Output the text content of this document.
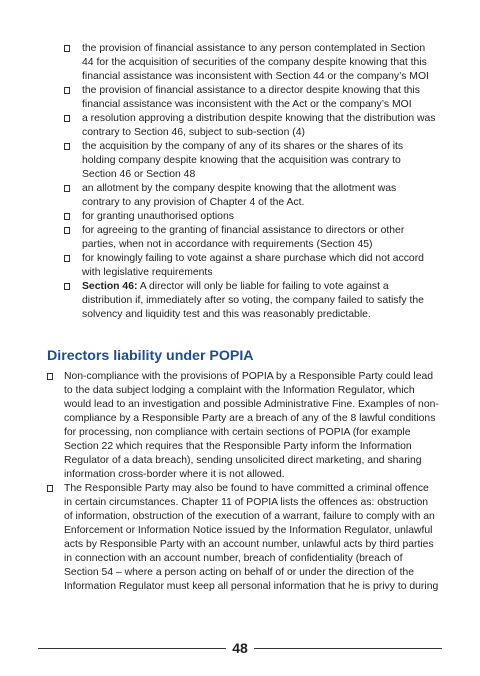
the provision of financial assistance to any person contemplated in Section 44 for the acquisition of securities of the company despite knowing that this financial assistance was inconsistent with Section 44 or the company’s MOI
the provision of financial assistance to a director despite knowing that this financial assistance was inconsistent with the Act or the company’s MOI
a resolution approving a distribution despite knowing that the distribution was contrary to Section 46, subject to sub-section (4)
the acquisition by the company of any of its shares or the shares of its holding company despite knowing that the acquisition was contrary to Section 46 or Section 48
an allotment by the company despite knowing that the allotment was contrary to any provision of Chapter 4 of the Act.
for granting unauthorised options
for agreeing to the granting of financial assistance to directors or other parties, when not in accordance with requirements (Section 45)
for knowingly failing to vote against a share purchase which did not accord with legislative requirements
Section 46: A director will only be liable for failing to vote against a distribution if, immediately after so voting, the company failed to satisfy the solvency and liquidity test and this was reasonably predictable.
Directors liability under POPIA
Non-compliance with the provisions of POPIA by a Responsible Party could lead to the data subject lodging a complaint with the Information Regulator, which would lead to an investigation and possible Administrative Fine. Examples of non-compliance by a Responsible Party are a breach of any of the 8 lawful conditions for processing, non compliance with certain sections of POPIA (for example Section 22 which requires that the Responsible Party inform the Information Regulator of a data breach), sending unsolicited direct marketing, and sharing information cross-border where it is not allowed.
The Responsible Party may also be found to have committed a criminal offence in certain circumstances. Chapter 11 of POPIA lists the offences as: obstruction of information, obstruction of the execution of a warrant, failure to comply with an Enforcement or Information Notice issued by the Information Regulator, unlawful acts by Responsible Party with an account number, unlawful acts by third parties in connection with an account number, breach of confidentiality (breach of Section 54 – where a person acting on behalf of or under the direction of the Information Regulator must keep all personal information that he is privy to during
48
